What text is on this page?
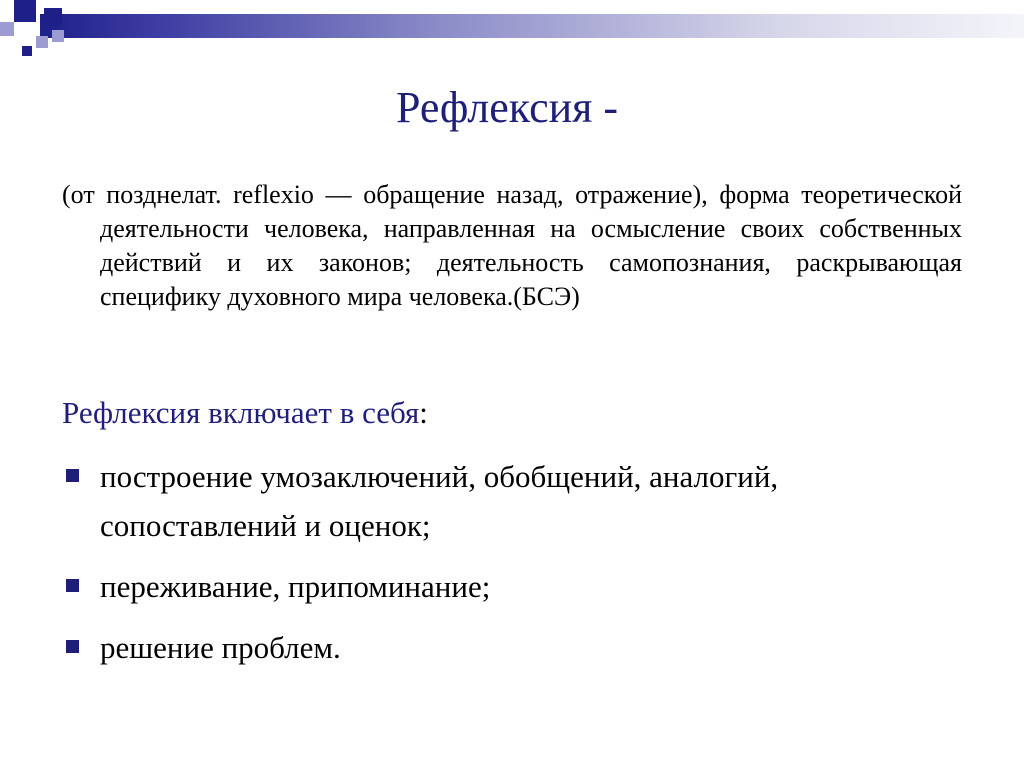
Рефлексия -
(от позднелат. reflexio — обращение назад, отражение), форма теоретической деятельности человека, направленная на осмысление своих собственных действий и их законов; деятельность самопознания, раскрывающая специфику духовного мира человека.(БСЭ)
Рефлексия включает в себя:
построение умозаключений, обобщений, аналогий, сопоставлений и оценок;
переживание, припоминание;
решение проблем.
